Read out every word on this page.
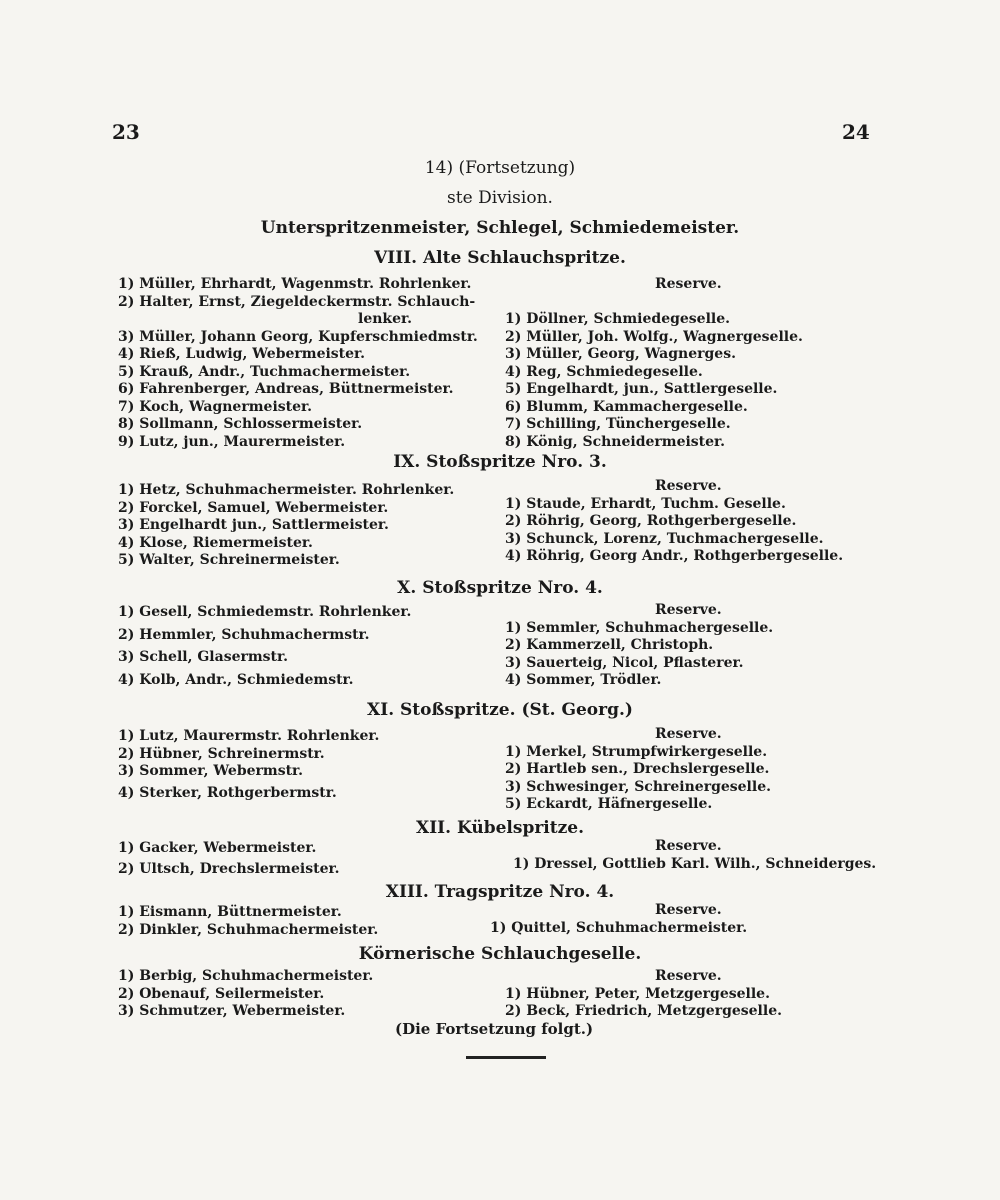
23	24
14) (Fortsetzung)
ste Division.
Unterspritzenmeister, Schlegel, Schmiedemeister.
VIII. Alte Schlauchspritze.
1) Müller, Ehrhardt, Wagenmstr. Rohrlenker.
2) Halter, Ernst, Ziegeldeckermstr. Schlauch-
lenker.
3) Müller, Johann Georg, Kupferschmiedmstr.
4) Rieß, Ludwig, Webermeister.
5) Krauß, Andr., Tuchmachermeister.
6) Fahrenberger, Andreas, Büttnermeister.
7) Koch, Wagnermeister.
8) Sollmann, Schlossermeister.
9) Lutz, jun., Maurermeister.
Reserve.
1) Döllner, Schmiedegeselle.
2) Müller, Joh. Wolfg., Wagnergeselle.
3) Müller, Georg, Wagnerges.
4) Reg, Schmiedegeselle.
5) Engelhardt, jun., Sattlergeselle.
6) Blumm, Kammachergeselle.
7) Schilling, Tünchergeselle.
8) König, Schneidermeister.
IX. Stoßspritze Nro. 3.
1) Hetz, Schuhmachermeister. Rohrlenker.
2) Forckel, Samuel, Webermeister.
3) Engelhardt jun., Sattlermeister.
4) Klose, Riemermeister.
5) Walter, Schreinermeister.
Reserve.
1) Staude, Erhardt, Tuchm. Geselle.
2) Röhrig, Georg, Rothgerbergeselle.
3) Schunck, Lorenz, Tuchmachergeselle.
4) Röhrig, Georg Andr., Rothgerbergeselle.
X. Stoßspritze Nro. 4.
1) Gesell, Schmiedemstr. Rohrlenker.
2) Hemmler, Schuhmachermstr.
3) Schell, Glasermstr.
4) Kolb, Andr., Schmiedemstr.
Reserve.
1) Semmler, Schuhmachergeselle.
2) Kammerzell, Christoph.
3) Sauerteig, Nicol, Pflasterer.
4) Sommer, Trödler.
XI. Stoßspritze. (St. Georg.)
1) Lutz, Maurermstr. Rohrlenker.
2) Hübner, Schreinermstr.
3) Sommer, Webermstr.
4) Sterker, Rothgerbermstr.
Reserve.
1) Merkel, Strumpfwirkergeselle.
2) Hartleb sen., Drechslergeselle.
3) Schwesinger, Schreinergeselle.
5) Eckardt, Häfnergeselle.
XII. Kübelspritze.
1) Gacker, Webermeister.
2) Ultsch, Drechslermeister.
Reserve.
1) Dressel, Gottlieb Karl. Wilh., Schneiderges.
XIII. Tragspritze Nro. 4.
1) Eismann, Büttnermeister.
2) Dinkler, Schuhmachermeister.
Reserve.
1) Quittel, Schuhmachermeister.
Körnerische Schlauchgeselle.
1) Berbig, Schuhmachermeister.
2) Obenauf, Seilermeister.
3) Schmutzer, Webermeister.
Reserve.
1) Hübner, Peter, Metzgergeselle.
2) Beck, Friedrich, Metzgergeselle.
(Die Fortsetzung folgt.)
